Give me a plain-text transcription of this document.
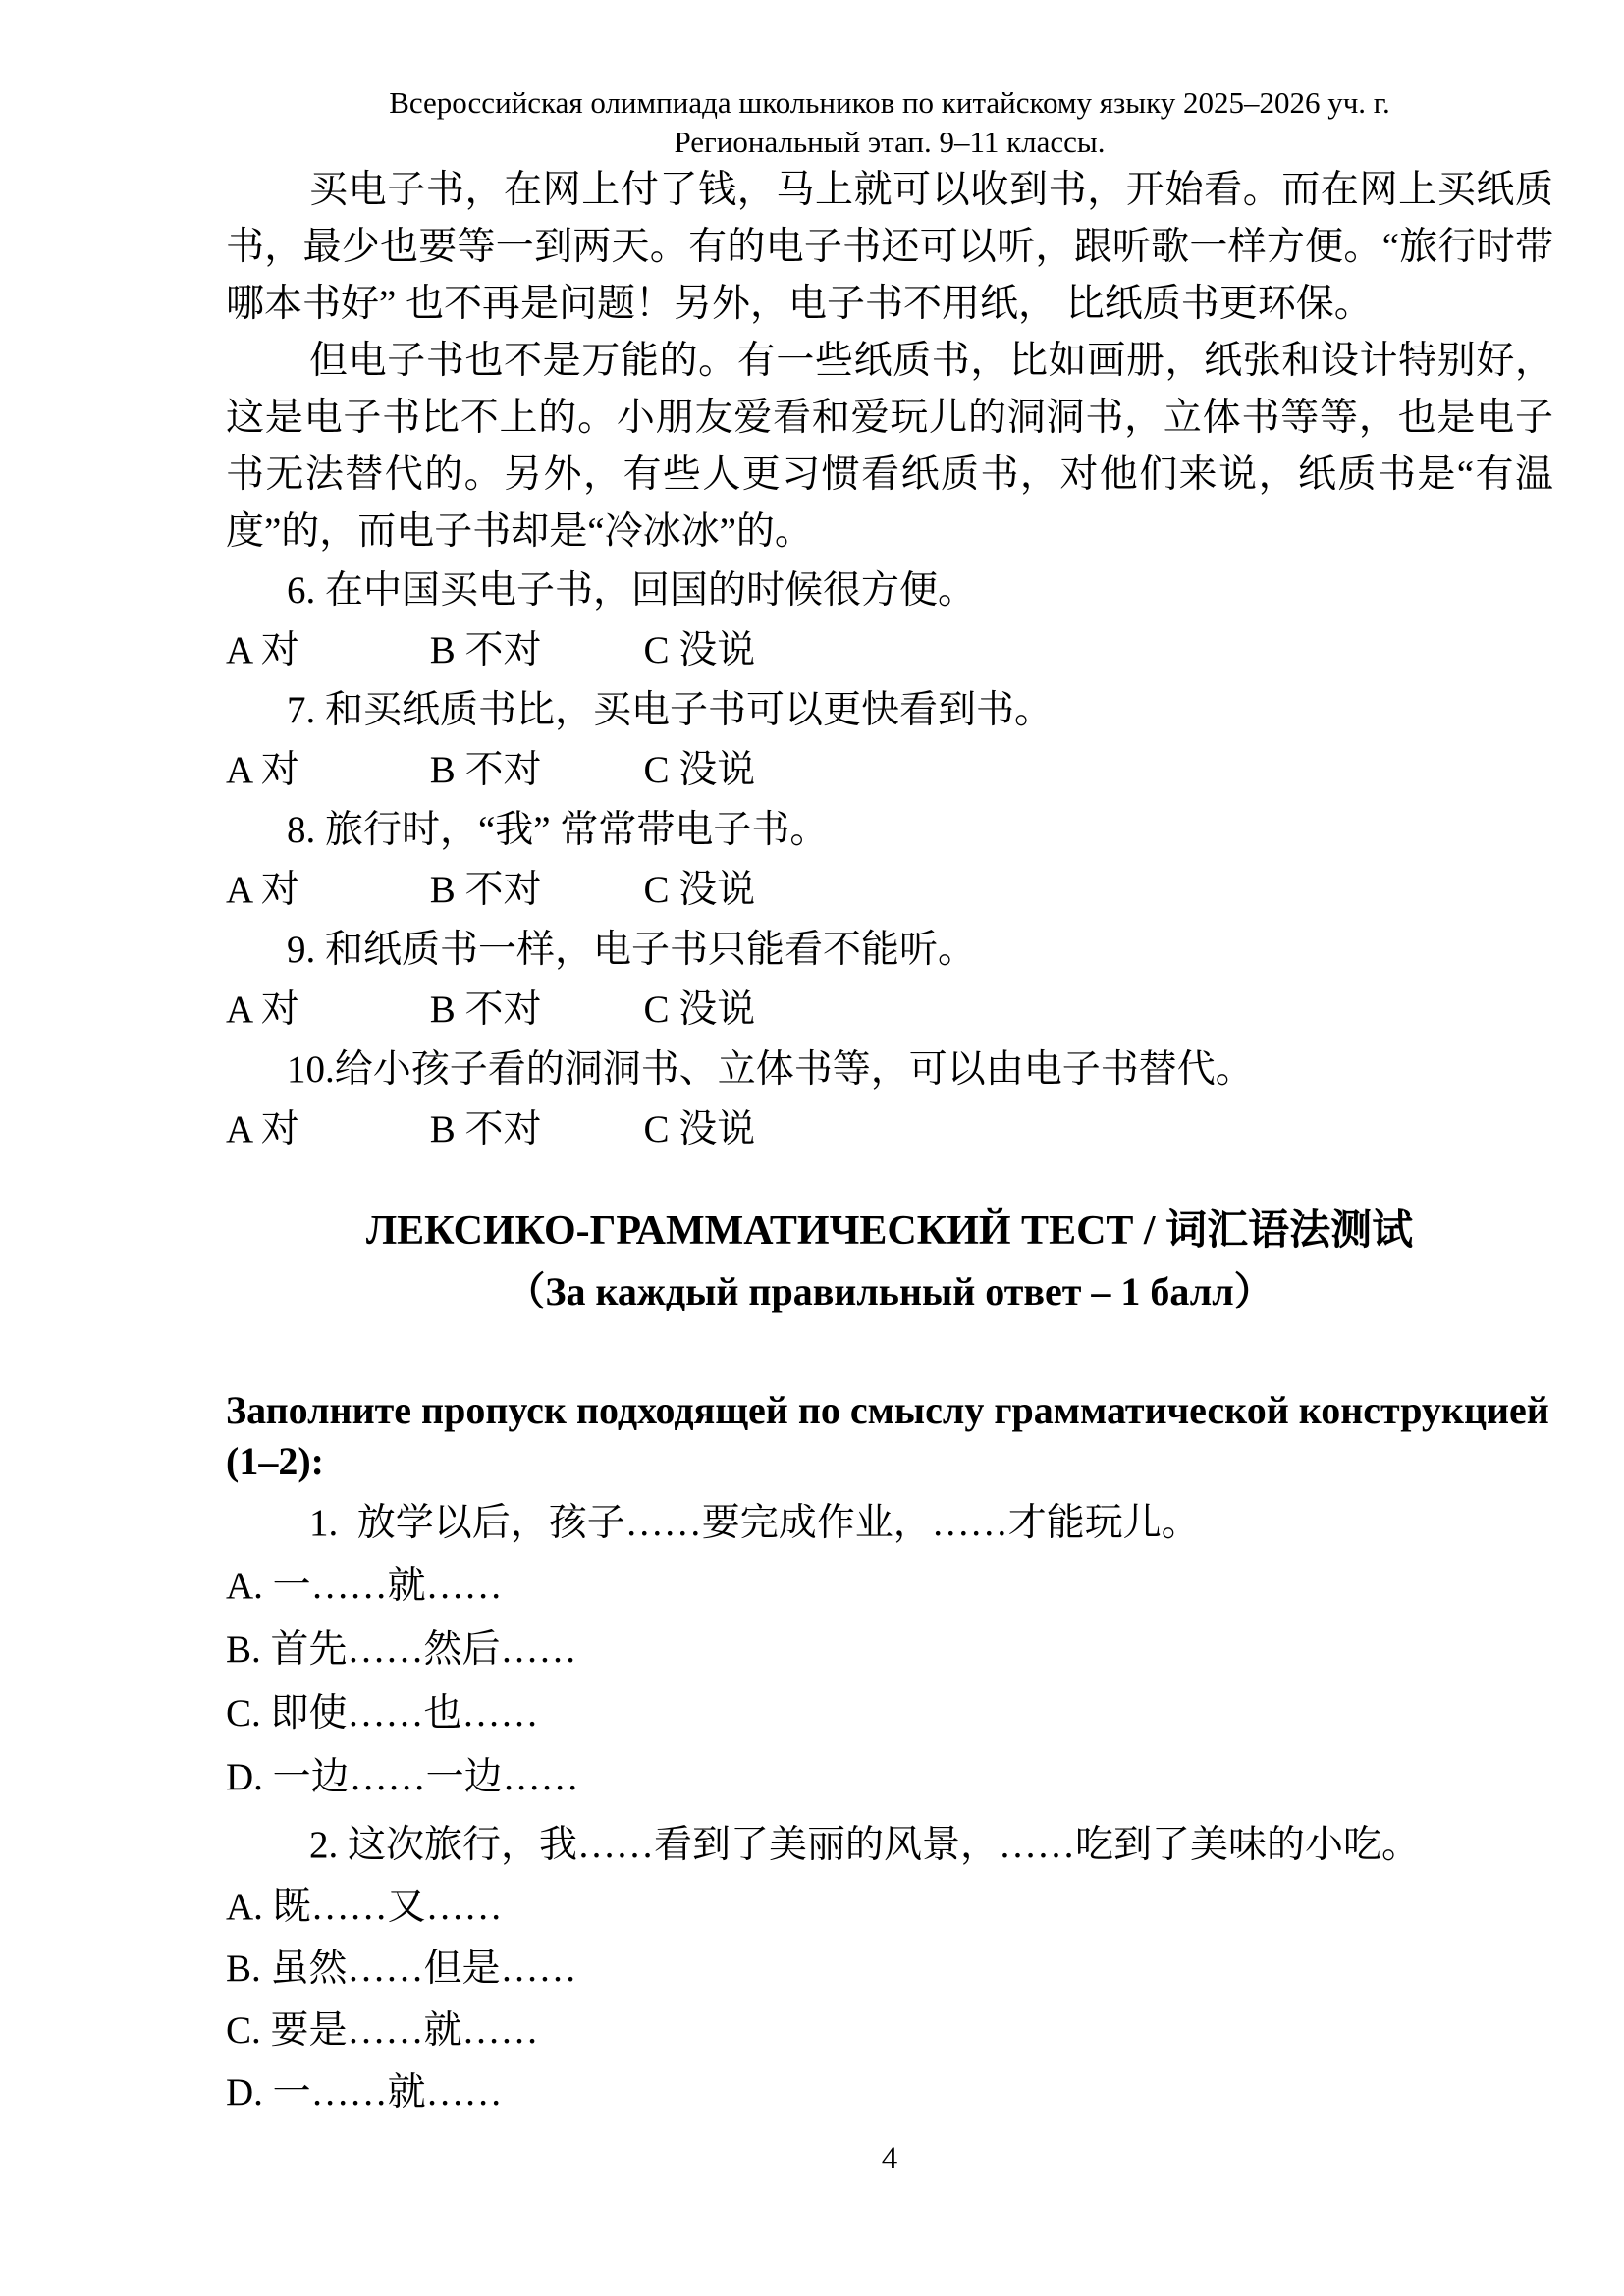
Всероссийская олимпиада школьников по китайскому языку 2025–2026 уч. г.
Региональный этап. 9–11 классы.

买电子书，在网上付了钱，马上就可以收到书，开始看。而在网上买纸质书，最少也要等一到两天。有的电子书还可以听，跟听歌一样方便。“旅行时带哪本书好” 也不再是问题！另外，电子书不用纸， 比纸质书更环保。

但电子书也不是万能的。有一些纸质书，比如画册，纸张和设计特别好，这是电子书比不上的。小朋友爱看和爱玩儿的洞洞书，立体书等等，也是电子书无法替代的。另外，有些人更习惯看纸质书，对他们来说，纸质书是“有温度”的，而电子书却是“冷冰冰”的。

6. 在中国买电子书，回国的时候很方便。
A 对	B 不对	C 没说
7. 和买纸质书比，买电子书可以更快看到书。
A 对	B 不对	C 没说
8. 旅行时，“我” 常常带电子书。
A 对	B 不对	C 没说
9. 和纸质书一样，电子书只能看不能听。
A 对	B 不对	C 没说
10.给小孩子看的洞洞书、立体书等，可以由电子书替代。
A 对	B 不对	C 没说
ЛЕКСИКО-ГРАММАТИЧЕСКИЙ ТЕСТ / 词汇语法测试
（За каждый правильный ответ – 1 балл）
Заполните пропуск подходящей по смыслу грамматической конструкцией
(1–2):
1.  放学以后，孩子……要完成作业，……才能玩儿。
A. 一……就……
B. 首先……然后……
C. 即使……也……
D. 一边……一边……
2. 这次旅行，我……看到了美丽的风景，……吃到了美味的小吃。
A. 既……又……
B. 虽然……但是……
C. 要是……就……
D. 一……就……
4
